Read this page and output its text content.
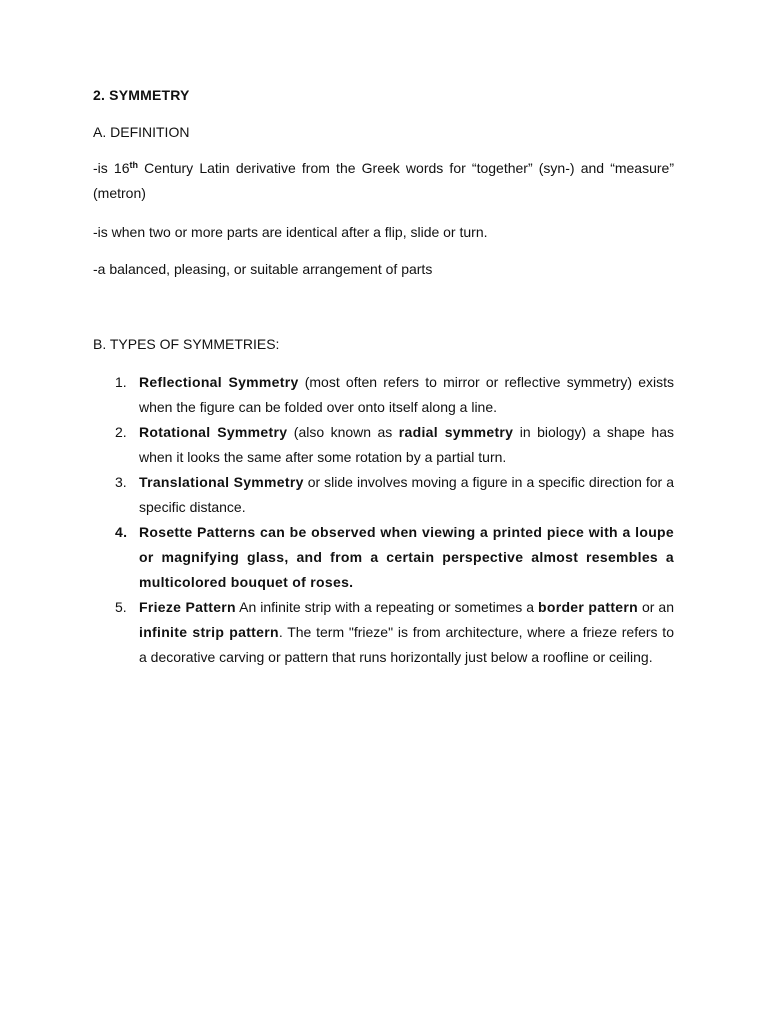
2. SYMMETRY
A. DEFINITION
-is 16th Century Latin derivative from the Greek words for “together” (syn-) and “measure” (metron)
-is when two or more parts are identical after a flip, slide or turn.
-a balanced, pleasing, or suitable arrangement of parts
B. TYPES OF SYMMETRIES:
1. Reflectional Symmetry (most often refers to mirror or reflective symmetry) exists when the figure can be folded over onto itself along a line.
2. Rotational Symmetry (also known as radial symmetry in biology) a shape has when it looks the same after some rotation by a partial turn.
3. Translational Symmetry or slide involves moving a figure in a specific direction for a specific distance.
4. Rosette Patterns can be observed when viewing a printed piece with a loupe or magnifying glass, and from a certain perspective almost resembles a multicolored bouquet of roses.
5. Frieze Pattern An infinite strip with a repeating or sometimes a border pattern or an infinite strip pattern. The term "frieze" is from architecture, where a frieze refers to a decorative carving or pattern that runs horizontally just below a roofline or ceiling.
